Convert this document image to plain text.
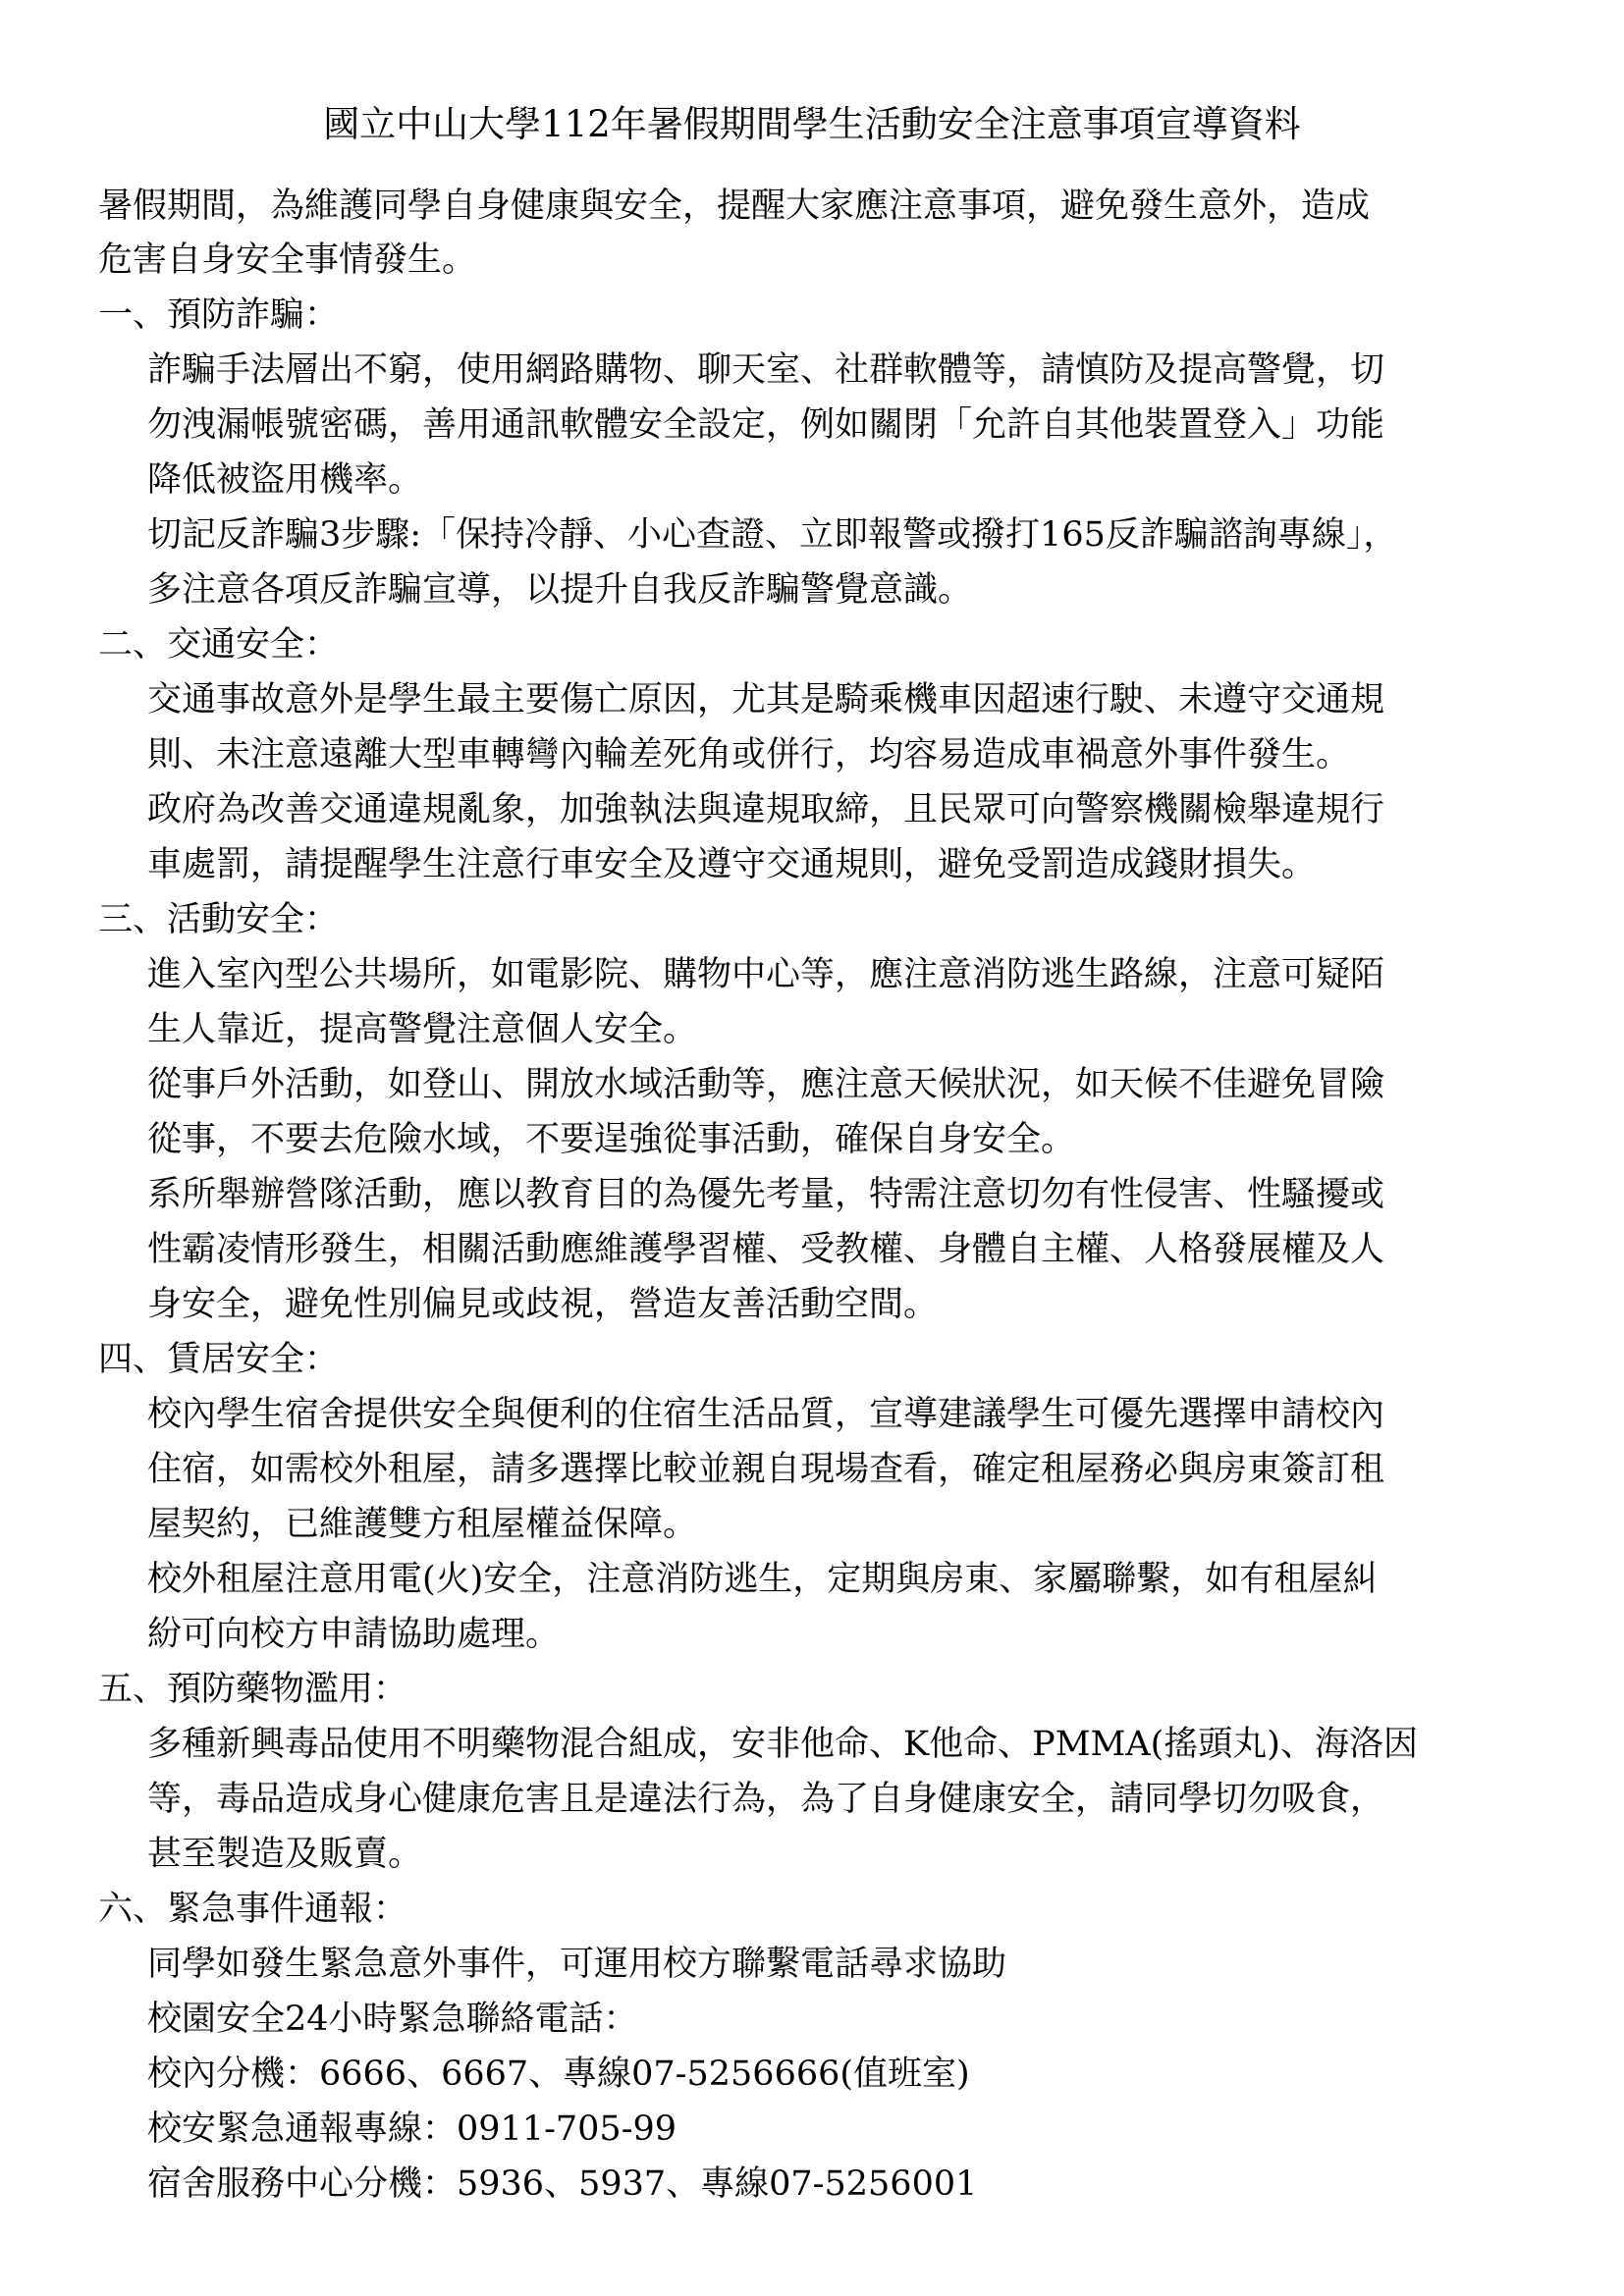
國立中山大學112年暑假期間學生活動安全注意事項宣導資料
暑假期間，為維護同學自身健康與安全，提醒大家應注意事項，避免發生意外，造成
危害自身安全事情發生。
一、預防詐騙：
詐騙手法層出不窮，使用網路購物、聊天室、社群軟體等，請慎防及提高警覺，切
勿洩漏帳號密碼，善用通訊軟體安全設定，例如關閉「允許自其他裝置登入」功能
降低被盜用機率。
切記反詐騙3步驟:「保持冷靜、小心查證、立即報警或撥打165反詐騙諮詢專線」，
多注意各項反詐騙宣導，以提升自我反詐騙警覺意識。
二、交通安全：
交通事故意外是學生最主要傷亡原因，尤其是騎乘機車因超速行駛、未遵守交通規
則、未注意遠離大型車轉彎內輪差死角或併行，均容易造成車禍意外事件發生。
政府為改善交通違規亂象，加強執法與違規取締，且民眾可向警察機關檢舉違規行
車處罰，請提醒學生注意行車安全及遵守交通規則，避免受罰造成錢財損失。
三、活動安全：
進入室內型公共場所，如電影院、購物中心等，應注意消防逃生路線，注意可疑陌
生人靠近，提高警覺注意個人安全。
從事戶外活動，如登山、開放水域活動等，應注意天候狀況，如天候不佳避免冒險
從事，不要去危險水域，不要逞強從事活動，確保自身安全。
系所舉辦營隊活動，應以教育目的為優先考量，特需注意切勿有性侵害、性騷擾或
性霸凌情形發生，相關活動應維護學習權、受教權、身體自主權、人格發展權及人
身安全，避免性別偏見或歧視，營造友善活動空間。
四、賃居安全：
校內學生宿舍提供安全與便利的住宿生活品質，宣導建議學生可優先選擇申請校內
住宿，如需校外租屋，請多選擇比較並親自現場查看，確定租屋務必與房東簽訂租
屋契約，已維護雙方租屋權益保障。
校外租屋注意用電(火)安全，注意消防逃生，定期與房東、家屬聯繫，如有租屋糾
紛可向校方申請協助處理。
五、預防藥物濫用：
多種新興毒品使用不明藥物混合組成，安非他命、K他命、PMMA(搖頭丸)、海洛因
等，毒品造成身心健康危害且是違法行為，為了自身健康安全，請同學切勿吸食，
甚至製造及販賣。
六、緊急事件通報：
同學如發生緊急意外事件，可運用校方聯繫電話尋求協助
校園安全24小時緊急聯絡電話：
校內分機：6666、6667、專線07-5256666(值班室)
校安緊急通報專線：0911-705-99
宿舍服務中心分機：5936、5937、專線07-5256001
